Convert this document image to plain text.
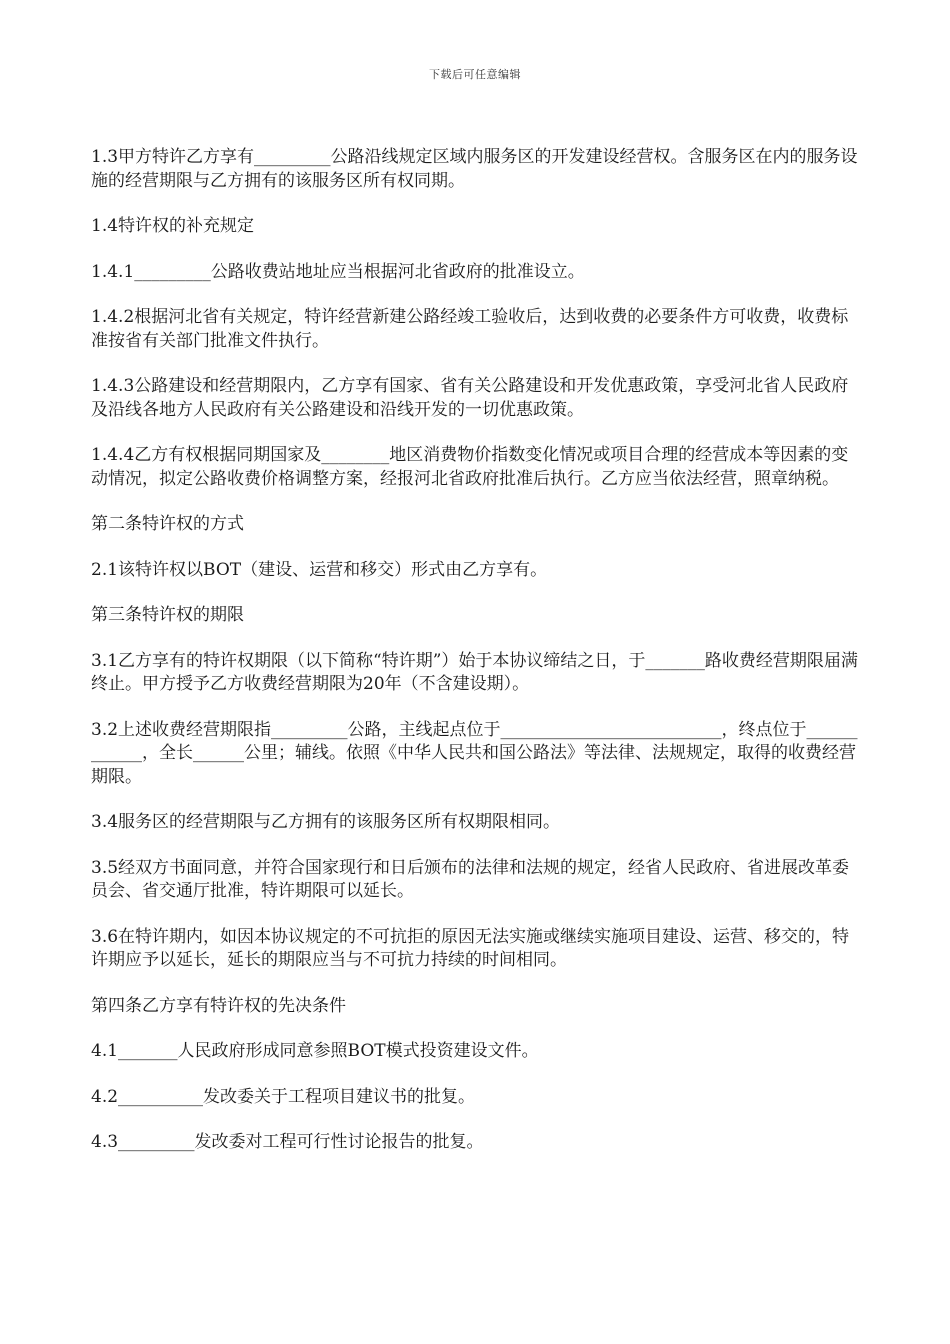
下载后可任意编辑

1.3甲方特许乙方享有_________公路沿线规定区域内服务区的开发建设经营权。含服务区在内的服务设施的经营期限与乙方拥有的该服务区所有权同期。

1.4特许权的补充规定

1.4.1_________公路收费站地址应当根据河北省政府的批准设立。

1.4.2根据河北省有关规定，特许经营新建公路经竣工验收后，达到收费的必要条件方可收费，收费标准按省有关部门批准文件执行。

1.4.3公路建设和经营期限内，乙方享有国家、省有关公路建设和开发优惠政策，享受河北省人民政府及沿线各地方人民政府有关公路建设和沿线开发的一切优惠政策。

1.4.4乙方有权根据同期国家及________地区消费物价指数变化情况或项目合理的经营成本等因素的变动情况，拟定公路收费价格调整方案，经报河北省政府批准后执行。乙方应当依法经营，照章纳税。

第二条特许权的方式

2.1该特许权以BOT（建设、运营和移交）形式由乙方享有。

第三条特许权的期限

3.1乙方享有的特许权期限（以下简称“特许期”）始于本协议缔结之日，于_______路收费经营期限届满终止。甲方授予乙方收费经营期限为20年（不含建设期）。

3.2上述收费经营期限指_________公路，主线起点位于__________________________，终点位于____________，全长______公里；辅线。依照《中华人民共和国公路法》等法律、法规规定，取得的收费经营期限。

3.4服务区的经营期限与乙方拥有的该服务区所有权期限相同。

3.5经双方书面同意，并符合国家现行和日后颁布的法律和法规的规定，经省人民政府、省进展改革委员会、省交通厅批准，特许期限可以延长。

3.6在特许期内，如因本协议规定的不可抗拒的原因无法实施或继续实施项目建设、运营、移交的，特许期应予以延长，延长的期限应当与不可抗力持续的时间相同。

第四条乙方享有特许权的先决条件

4.1_______人民政府形成同意参照BOT模式投资建设文件。

4.2__________发改委关于工程项目建议书的批复。

4.3_________发改委对工程可行性讨论报告的批复。
